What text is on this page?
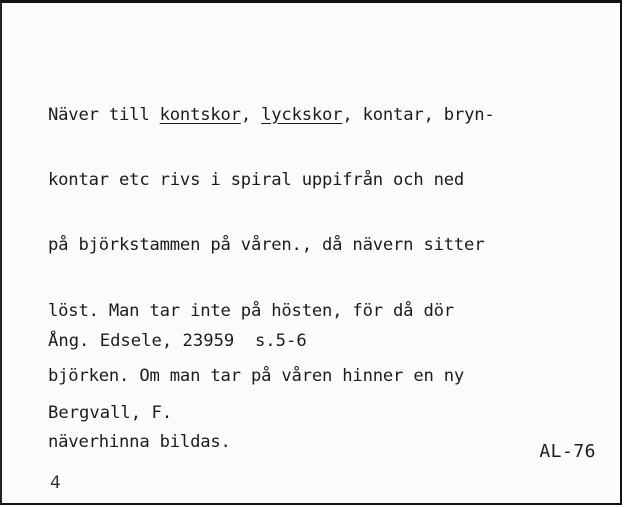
Näver till kontskor, lyckskor, kontar, bryn-

kontar etc rivs i spiral uppifrån och ned

på björkstammen på våren., då nävern sitter

löst. Man tar inte på hösten, för då dör

björken. Om man tar på våren hinner en ny

näverhinna bildas.

Ång. Edsele, 23959  s.5-6

Bergvall, F.

AL-76
4
